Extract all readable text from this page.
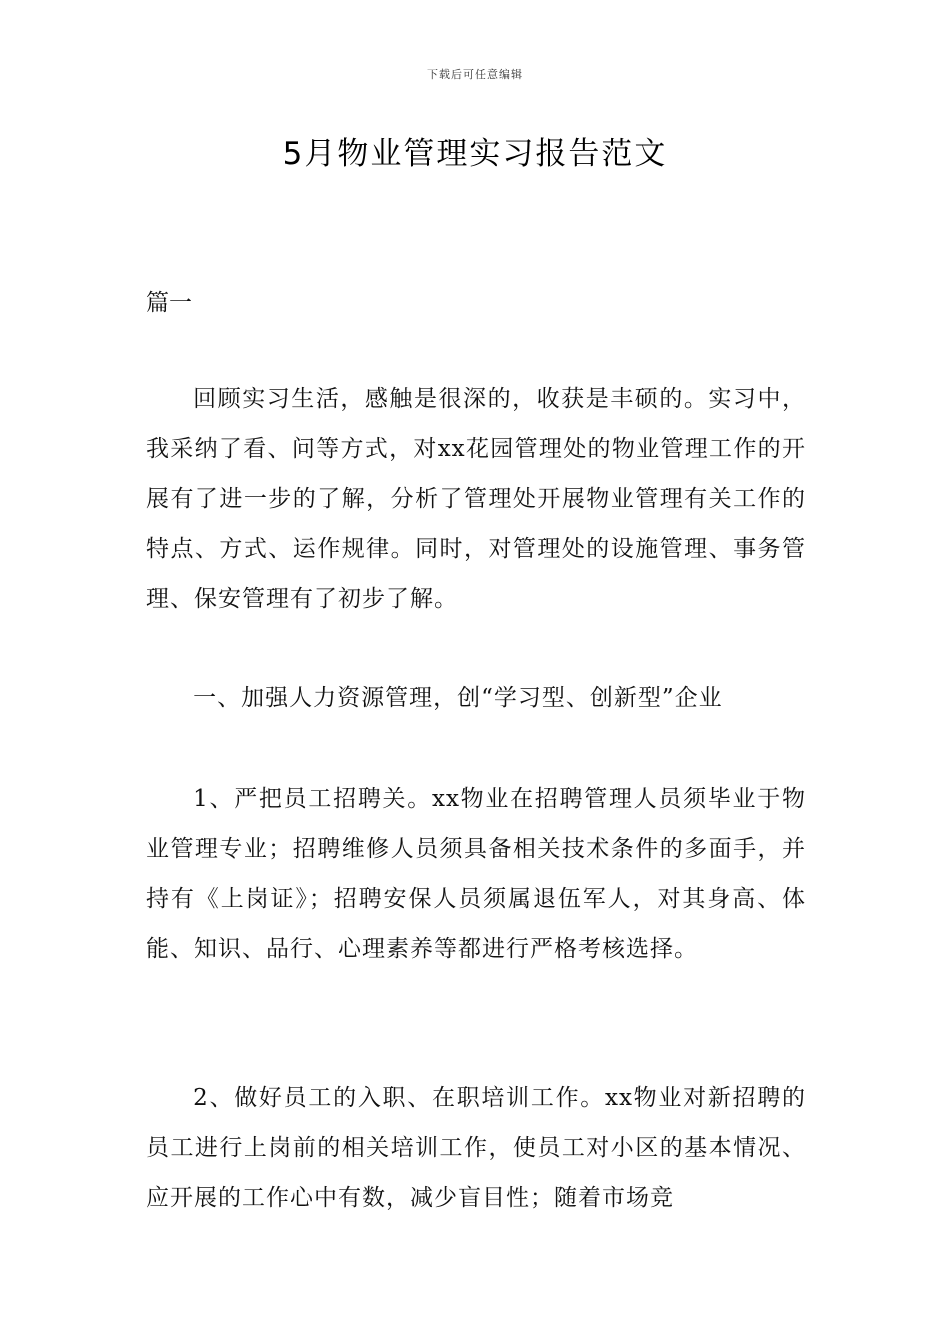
下载后可任意编辑
5月物业管理实习报告范文
篇一

回顾实习生活，感触是很深的，收获是丰硕的。实习中，我采纳了看、问等方式，对xx花园管理处的物业管理工作的开展有了进一步的了解，分析了管理处开展物业管理有关工作的特点、方式、运作规律。同时，对管理处的设施管理、事务管理、保安管理有了初步了解。

一、加强人力资源管理，创“学习型、创新型”企业

1、严把员工招聘关。xx物业在招聘管理人员须毕业于物业管理专业；招聘维修人员须具备相关技术条件的多面手，并持有《上岗证》；招聘安保人员须属退伍军人，对其身高、体能、知识、品行、心理素养等都进行严格考核选择。

2、做好员工的入职、在职培训工作。xx物业对新招聘的员工进行上岗前的相关培训工作，使员工对小区的基本情况、应开展的工作心中有数，减少盲目性；随着市场竞
